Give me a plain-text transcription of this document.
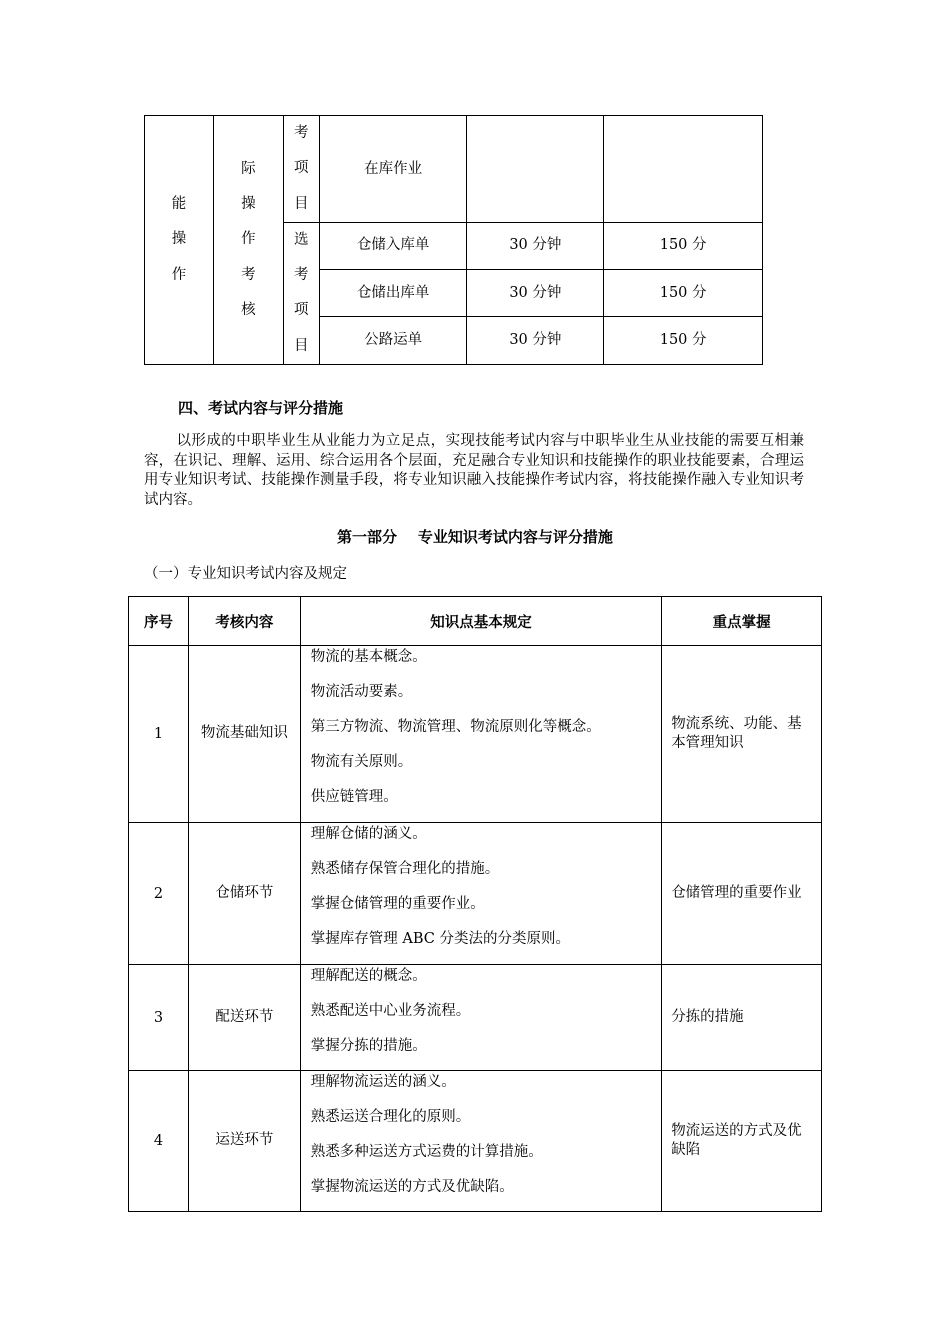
能
操
作	际
操
作
考
核	考
项
目	在库作业		

		选
考
项
目	仓储入库单	30 分钟	150 分
			仓储出库单	30 分钟	150 分
			公路运单	30 分钟	150 分
四、考试内容与评分措施
以形成的中职毕业生从业能力为立足点，实现技能考试内容与中职毕业生从业技能的需要互相兼容，在识记、理解、运用、综合运用各个层面，充足融合专业知识和技能操作的职业技能要素，合理运用专业知识考试、技能操作测量手段，将专业知识融入技能操作考试内容，将技能操作融入专业知识考试内容。
第一部分    专业知识考试内容与评分措施
（一）专业知识考试内容及规定
序号	考核内容	知识点基本规定	重点掌握
1	物流基础知识	物流的基本概念。
物流活动要素。
第三方物流、物流管理、物流原则化等概念。
物流有关原则。
供应链管理。	物流系统、功能、基本管理知识
2	仓储环节	理解仓储的涵义。
熟悉储存保管合理化的措施。
掌握仓储管理的重要作业。
掌握库存管理 ABC 分类法的分类原则。	仓储管理的重要作业
3	配送环节	理解配送的概念。
熟悉配送中心业务流程。
掌握分拣的措施。	分拣的措施
4	运送环节	理解物流运送的涵义。
熟悉运送合理化的原则。
熟悉多种运送方式运费的计算措施。
掌握物流运送的方式及优缺陷。	物流运送的方式及优缺陷
